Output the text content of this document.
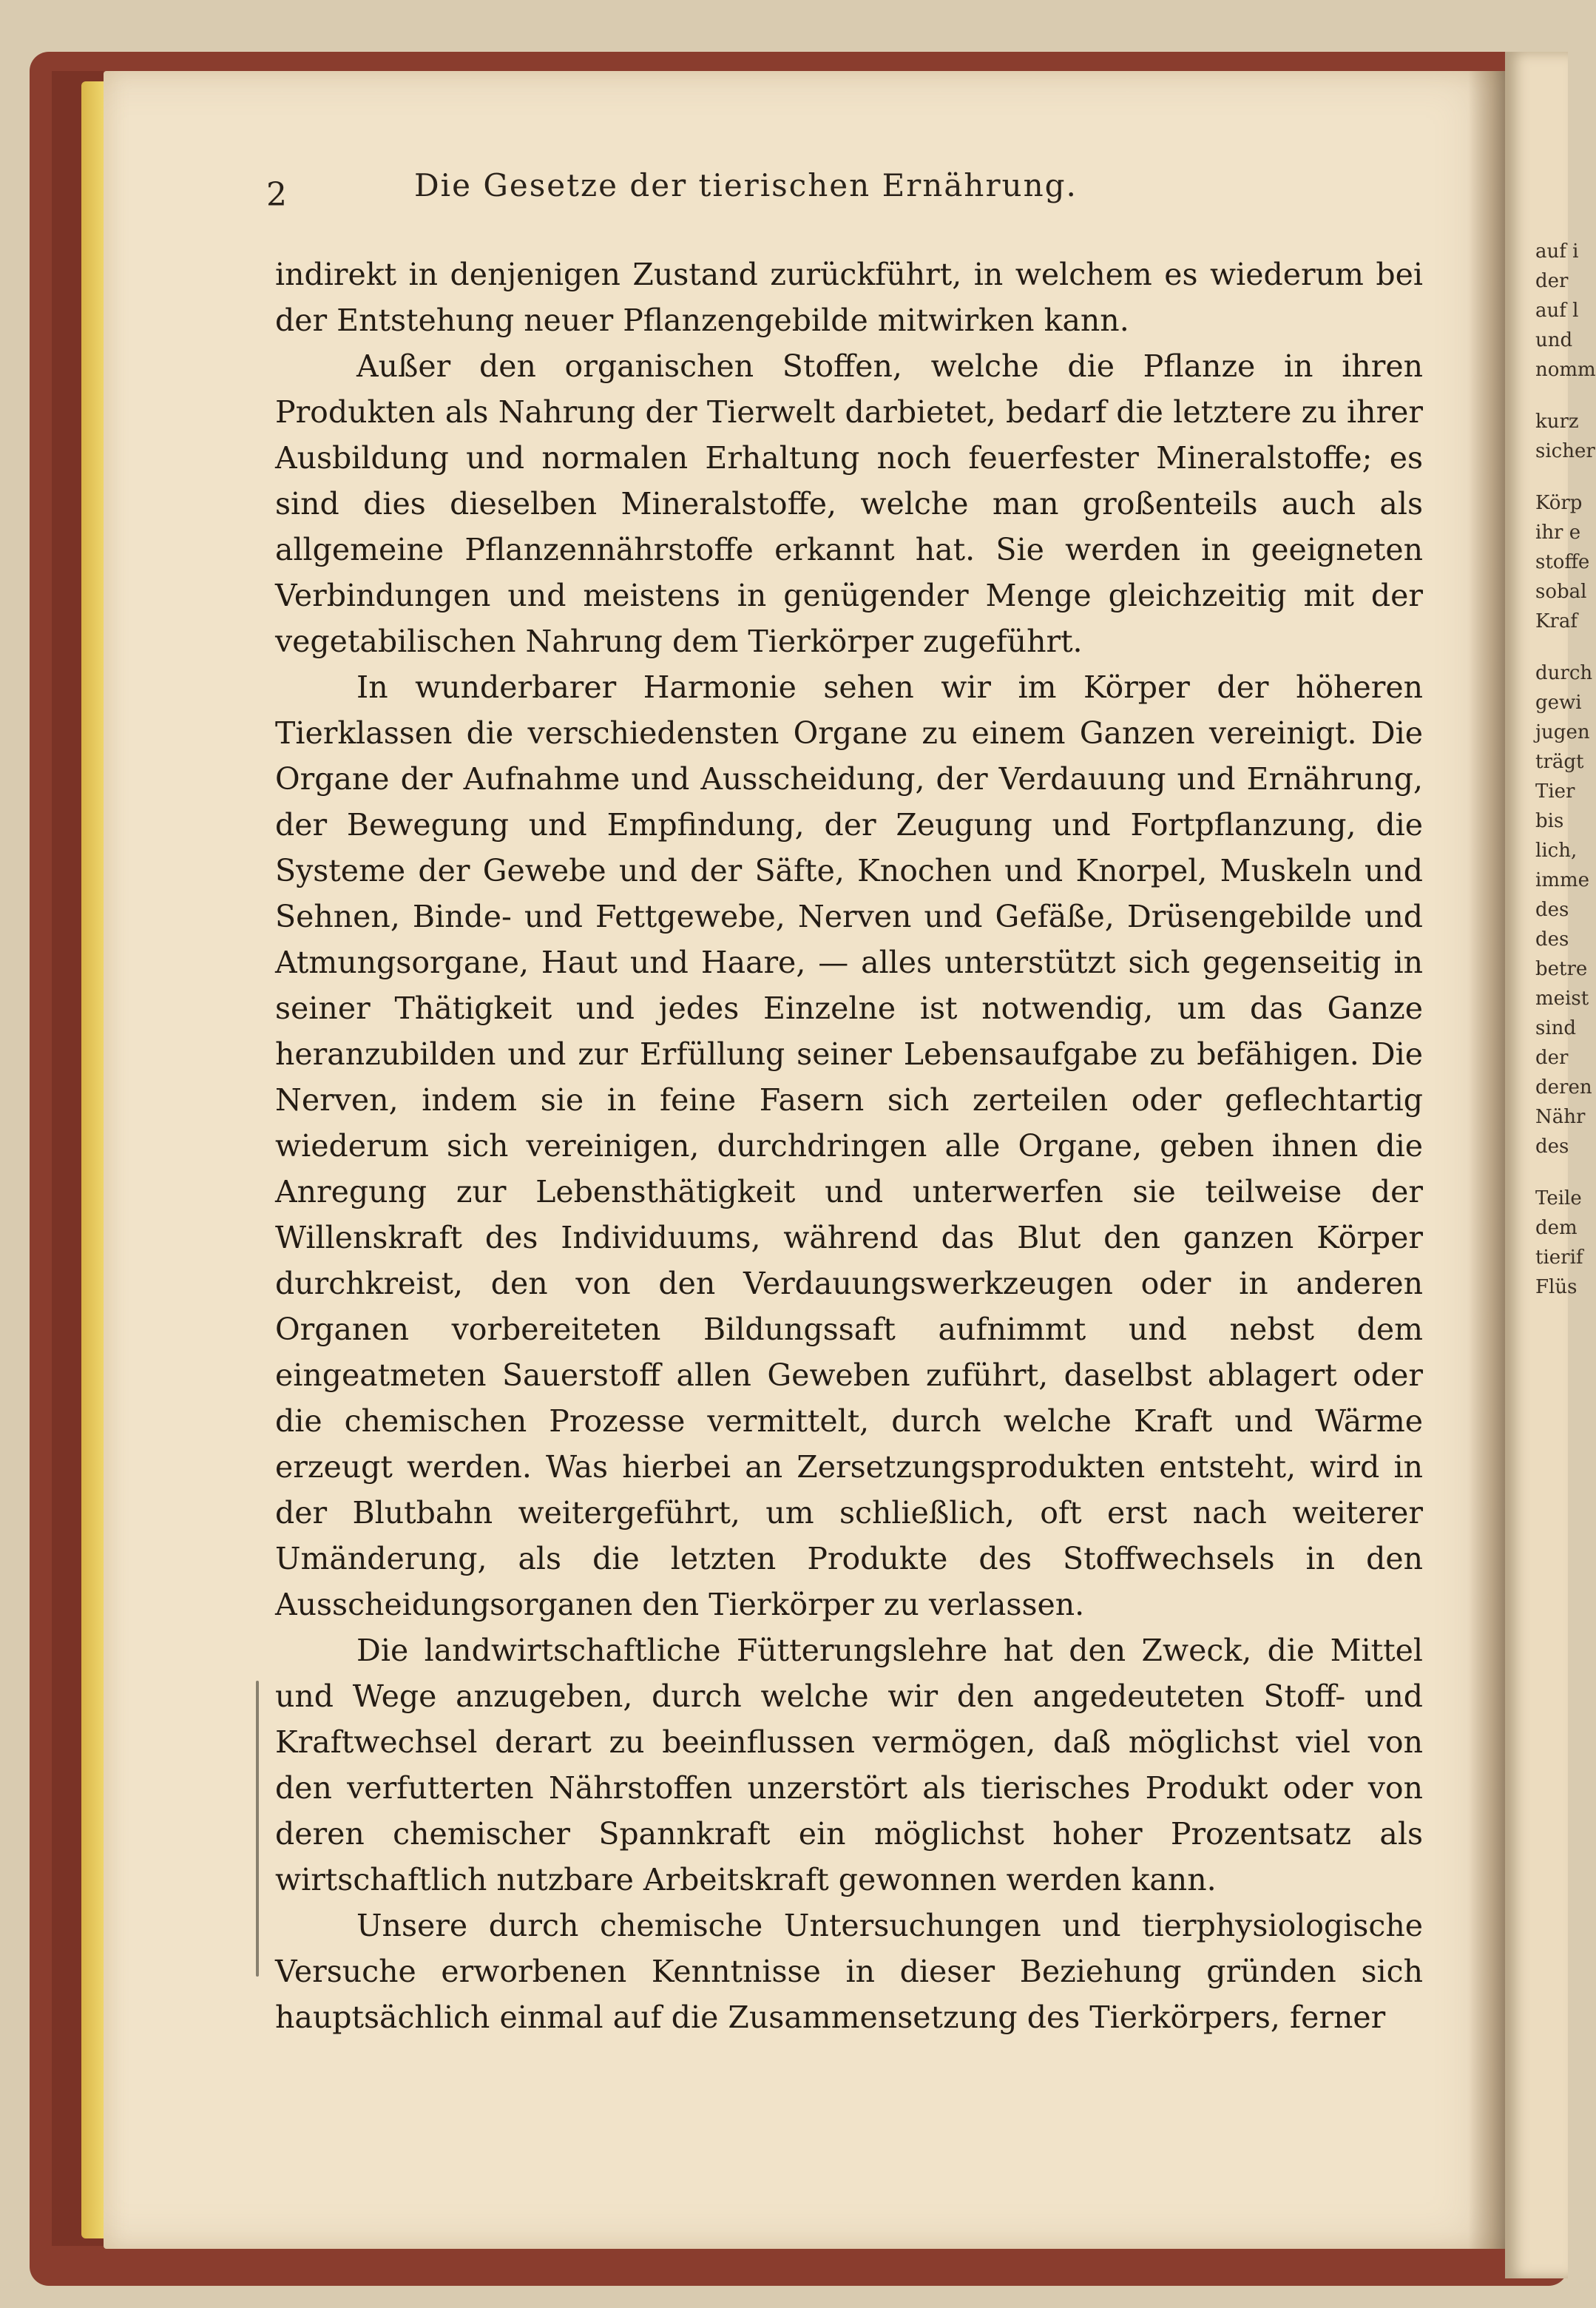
2	Die Gesetze der tierischen Ernährung.

indirekt in denjenigen Zustand zurückführt, in welchem es wiederum bei der Entstehung neuer Pflanzengebilde mitwirken kann.

Außer den organischen Stoffen, welche die Pflanze in ihren Produkten als Nahrung der Tierwelt darbietet, bedarf die letztere zu ihrer Ausbildung und normalen Erhaltung noch feuerfester Mineralstoffe; es sind dies dieselben Mineralstoffe, welche man großenteils auch als allgemeine Pflanzennährstoffe erkannt hat. Sie werden in geeigneten Verbindungen und meistens in genügender Menge gleichzeitig mit der vegetabilischen Nahrung dem Tierkörper zugeführt.

In wunderbarer Harmonie sehen wir im Körper der höheren Tierklassen die verschiedensten Organe zu einem Ganzen vereinigt. Die Organe der Aufnahme und Ausscheidung, der Verdauung und Ernährung, der Bewegung und Empfindung, der Zeugung und Fortpflanzung, die Systeme der Gewebe und der Säfte, Knochen und Knorpel, Muskeln und Sehnen, Binde- und Fettgewebe, Nerven und Gefäße, Drüsengebilde und Atmungsorgane, Haut und Haare, — alles unterstützt sich gegenseitig in seiner Thätigkeit und jedes Einzelne ist notwendig, um das Ganze heranzubilden und zur Erfüllung seiner Lebensaufgabe zu befähigen. Die Nerven, indem sie in feine Fasern sich zerteilen oder geflechtartig wiederum sich vereinigen, durchdringen alle Organe, geben ihnen die Anregung zur Lebensthätigkeit und unterwerfen sie teilweise der Willenskraft des Individuums, während das Blut den ganzen Körper durchkreist, den von den Verdauungswerkzeugen oder in anderen Organen vorbereiteten Bildungssaft aufnimmt und nebst dem eingeatmeten Sauerstoff allen Geweben zuführt, daselbst ablagert oder die chemischen Prozesse vermittelt, durch welche Kraft und Wärme erzeugt werden. Was hierbei an Zersetzungsprodukten entsteht, wird in der Blutbahn weitergeführt, um schließlich, oft erst nach weiterer Umänderung, als die letzten Produkte des Stoffwechsels in den Ausscheidungsorganen den Tierkörper zu verlassen.

Die landwirtschaftliche Fütterungslehre hat den Zweck, die Mittel und Wege anzugeben, durch welche wir den angedeuteten Stoff- und Kraftwechsel derart zu beeinflussen vermögen, daß möglichst viel von den verfutterten Nährstoffen unzerstört als tierisches Produkt oder von deren chemischer Spannkraft ein möglichst hoher Prozentsatz als wirtschaftlich nutzbare Arbeitskraft gewonnen werden kann.

Unsere durch chemische Untersuchungen und tierphysiologische Versuche erworbenen Kenntnisse in dieser Beziehung gründen sich hauptsächlich einmal auf die Zusammensetzung des Tierkörpers, ferner

auf i
der
auf l
und
nomm
kurz
sicher
Körp
ihr e
stoffe
sobal
Kraf
durch
gewi
jugen
trägt
Tier
bis
lich,
imme
des
des
betre
meist
sind
der
deren
Nähr
des
Teile
dem
tierif
Flüs
